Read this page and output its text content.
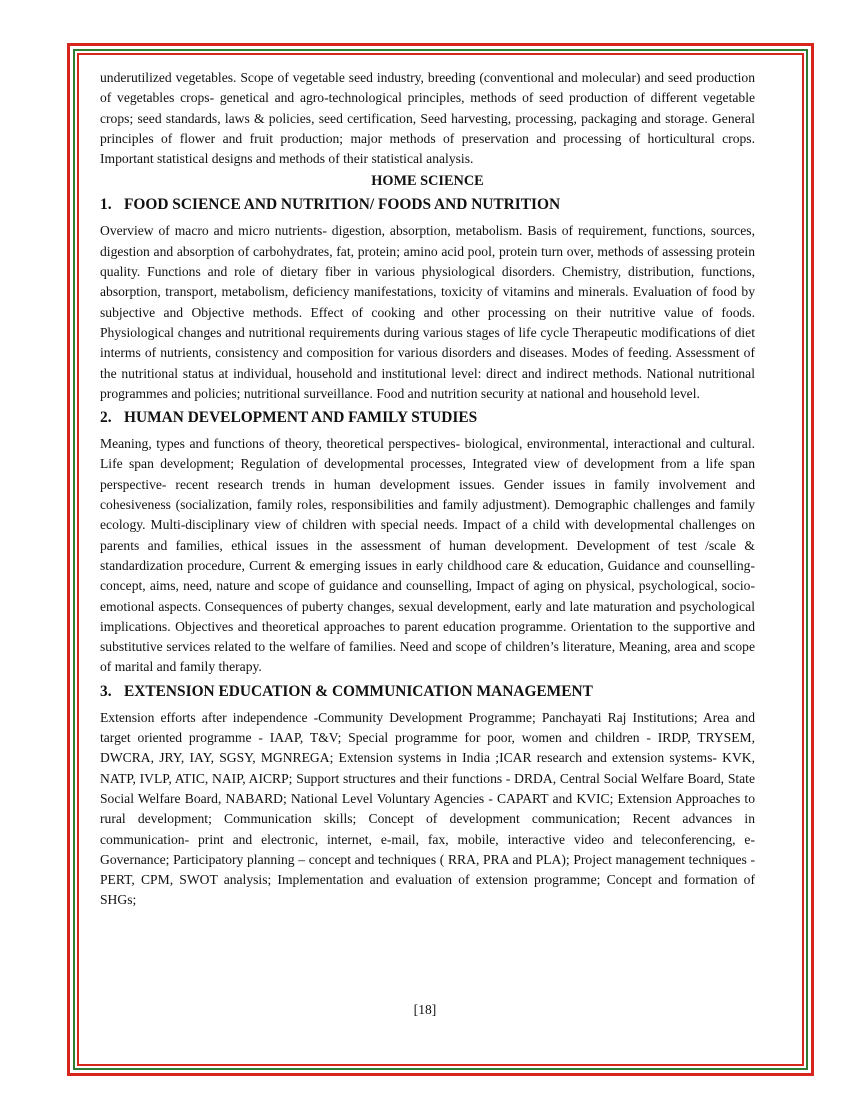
underutilized vegetables. Scope of vegetable seed industry, breeding (conventional and molecular) and seed production of vegetables crops- genetical and agro-technological principles, methods of seed production of different vegetable crops; seed standards, laws & policies, seed certification, Seed harvesting, processing, packaging and storage. General principles of flower and fruit production; major methods of preservation and processing of horticultural crops. Important statistical designs and methods of their statistical analysis.

HOME SCIENCE
1. FOOD SCIENCE AND NUTRITION/ FOODS AND NUTRITION

Overview of macro and micro nutrients- digestion, absorption, metabolism. Basis of requirement, functions, sources, digestion and absorption of carbohydrates, fat, protein; amino acid pool, protein turn over, methods of assessing protein quality. Functions and role of dietary fiber in various physiological disorders. Chemistry, distribution, functions, absorption, transport, metabolism, deficiency manifestations, toxicity of vitamins and minerals. Evaluation of food by subjective and Objective methods. Effect of cooking and other processing on their nutritive value of foods. Physiological changes and nutritional requirements during various stages of life cycle Therapeutic modifications of diet interms of nutrients, consistency and composition for various disorders and diseases. Modes of feeding. Assessment of the nutritional status at individual, household and institutional level: direct and indirect methods. National nutritional programmes and policies; nutritional surveillance. Food and nutrition security at national and household level.

2. HUMAN DEVELOPMENT AND FAMILY STUDIES

Meaning, types and functions of theory, theoretical perspectives- biological, environmental, interactional and cultural. Life span development; Regulation of developmental processes, Integrated view of development from a life span perspective- recent research trends in human development issues. Gender issues in family involvement and cohesiveness (socialization, family roles, responsibilities and family adjustment). Demographic challenges and family ecology. Multi-disciplinary view of children with special needs. Impact of a child with developmental challenges on parents and families, ethical issues in the assessment of human development. Development of test /scale & standardization procedure, Current & emerging issues in early childhood care & education, Guidance and counselling- concept, aims, need, nature and scope of guidance and counselling, Impact of aging on physical, psychological, socio-emotional aspects. Consequences of puberty changes, sexual development, early and late maturation and psychological implications. Objectives and theoretical approaches to parent education programme. Orientation to the supportive and substitutive services related to the welfare of families. Need and scope of children’s literature, Meaning, area and scope of marital and family therapy.

3. EXTENSION EDUCATION & COMMUNICATION MANAGEMENT

Extension efforts after independence -Community Development Programme; Panchayati Raj Institutions; Area and target oriented programme - IAAP, T&V; Special programme for poor, women and children - IRDP, TRYSEM, DWCRA, JRY, IAY, SGSY, MGNREGA; Extension systems in India ;ICAR research and extension systems- KVK, NATP, IVLP, ATIC, NAIP, AICRP; Support structures and their functions - DRDA, Central Social Welfare Board, State Social Welfare Board, NABARD; National Level Voluntary Agencies - CAPART and KVIC; Extension Approaches to rural development; Communication skills; Concept of development communication; Recent advances in communication- print and electronic, internet, e-mail, fax, mobile, interactive video and teleconferencing, e-Governance; Participatory planning – concept and techniques ( RRA, PRA and PLA); Project management techniques - PERT, CPM, SWOT analysis; Implementation and evaluation of extension programme; Concept and formation of SHGs;

[18]
